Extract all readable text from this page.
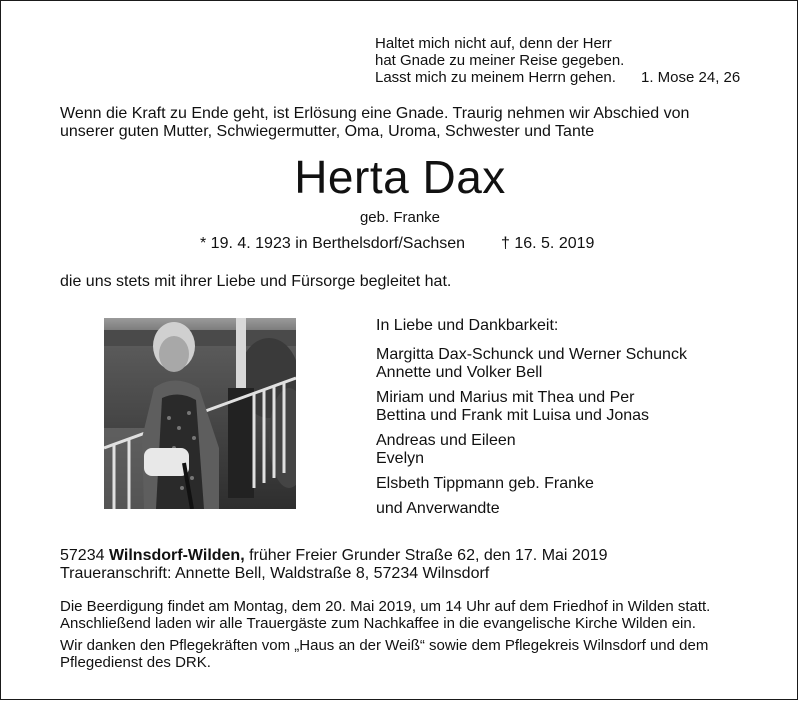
Haltet mich nicht auf, denn der Herr
hat Gnade zu meiner Reise gegeben.
Lasst mich zu meinem Herrn gehen. 1. Mose 24, 26
Wenn die Kraft zu Ende geht, ist Erlösung eine Gnade. Traurig nehmen wir Abschied von
unserer guten Mutter, Schwiegermutter, Oma, Uroma, Schwester und Tante
Herta Dax
geb. Franke
* 19. 4. 1923 in Berthelsdorf/Sachsen † 16. 5. 2019
die uns stets mit ihrer Liebe und Fürsorge begleitet hat.
In Liebe und Dankbarkeit:
Margitta Dax-Schunck und Werner Schunck
Annette und Volker Bell
Miriam und Marius mit Thea und Per
Bettina und Frank mit Luisa und Jonas
Andreas und Eileen
Evelyn
Elsbeth Tippmann geb. Franke
und Anverwandte
57234 Wilnsdorf-Wilden, früher Freier Grunder Straße 62, den 17. Mai 2019
Traueranschrift: Annette Bell, Waldstraße 8, 57234 Wilnsdorf
Die Beerdigung findet am Montag, dem 20. Mai 2019, um 14 Uhr auf dem Friedhof in Wilden statt.
Anschließend laden wir alle Trauergäste zum Nachkaffee in die evangelische Kirche Wilden ein.
Wir danken den Pflegekräften vom „Haus an der Weiß“ sowie dem Pflegekreis Wilnsdorf und dem
Pflegedienst des DRK.
